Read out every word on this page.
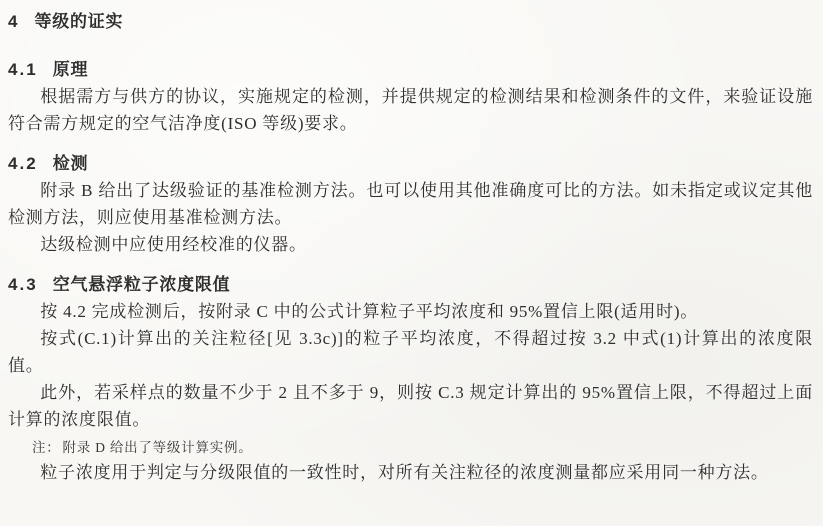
4 等级的证实
4.1 原理

根据需方与供方的协议，实施规定的检测，并提供规定的检测结果和检测条件的文件，来验证设施符合需方规定的空气洁净度(ISO 等级)要求。

4.2 检测

附录 B 给出了达级验证的基准检测方法。也可以使用其他准确度可比的方法。如未指定或议定其他检测方法，则应使用基准检测方法。

达级检测中应使用经校准的仪器。

4.3 空气悬浮粒子浓度限值

按 4.2 完成检测后，按附录 C 中的公式计算粒子平均浓度和 95%置信上限(适用时)。

按式(C.1)计算出的关注粒径[见 3.3c)]的粒子平均浓度，不得超过按 3.2 中式(1)计算出的浓度限值。

此外，若采样点的数量不少于 2 且不多于 9，则按 C.3 规定计算出的 95%置信上限，不得超过上面计算的浓度限值。

注： 附录 D 给出了等级计算实例。

粒子浓度用于判定与分级限值的一致性时，对所有关注粒径的浓度测量都应采用同一种方法。
